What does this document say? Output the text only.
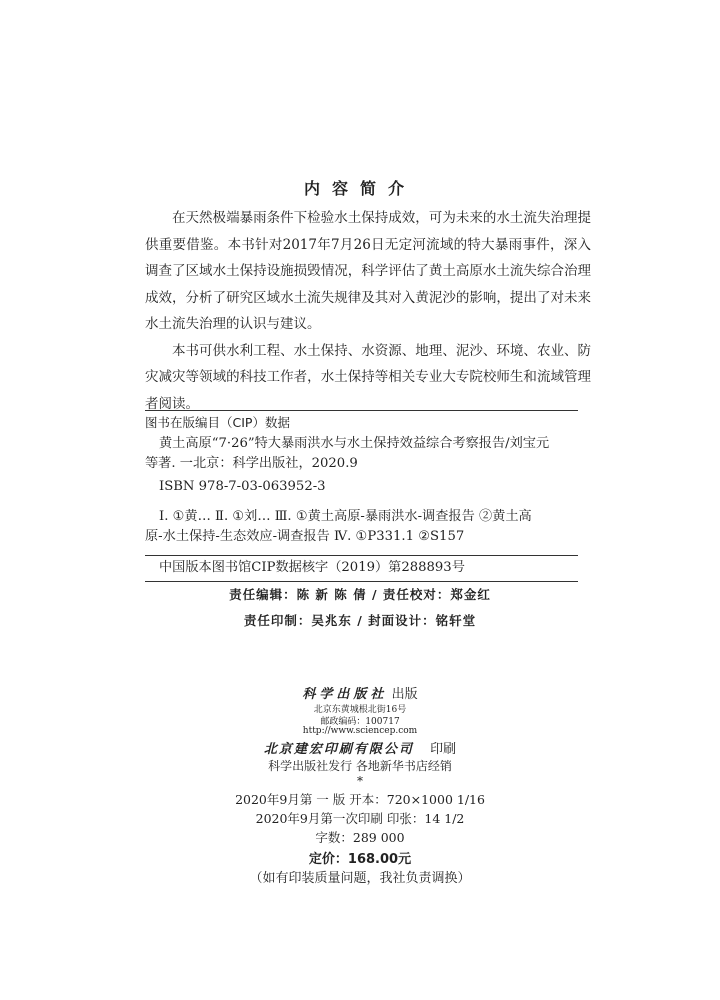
内容简介

在天然极端暴雨条件下检验水土保持成效，可为未来的水土流失治理提供重要借鉴。本书针对2017年7月26日无定河流域的特大暴雨事件，深入调查了区域水土保持设施损毁情况，科学评估了黄土高原水土流失综合治理成效，分析了研究区域水土流失规律及其对入黄泥沙的影响，提出了对未来水土流失治理的认识与建议。

本书可供水利工程、水土保持、水资源、地理、泥沙、环境、农业、防灾减灾等领域的科技工作者，水土保持等相关专业大专院校师生和流域管理者阅读。

图书在版编目（CIP）数据
黄土高原“7·26”特大暴雨洪水与水土保持效益综合考察报告/刘宝元
等著. 一北京：科学出版社，2020.9
ISBN 978-7-03-063952-3
Ⅰ. ①黄… Ⅱ. ①刘… Ⅲ. ①黄土高原-暴雨洪水-调查报告 ②黄土高
原-水土保持-生态效应-调查报告 Ⅳ. ①P331.1 ②S157
中国版本图书馆CIP数据核字（2019）第288893号
责任编辑：陈 新 陈 倩 / 责任校对：郑金红
责任印制：吴兆东 / 封面设计：铭轩堂
科学出版社 出版
北京东黄城根北街16号
邮政编码：100717
http://www.sciencep.com
北京建宏印刷有限公司 印刷
科学出版社发行 各地新华书店经销
*
2020年9月第 一 版 开本：720×1000 1/16
2020年9月第一次印刷 印张：14 1/2
字数：289 000
定价：168.00元
（如有印装质量问题，我社负责调换）
